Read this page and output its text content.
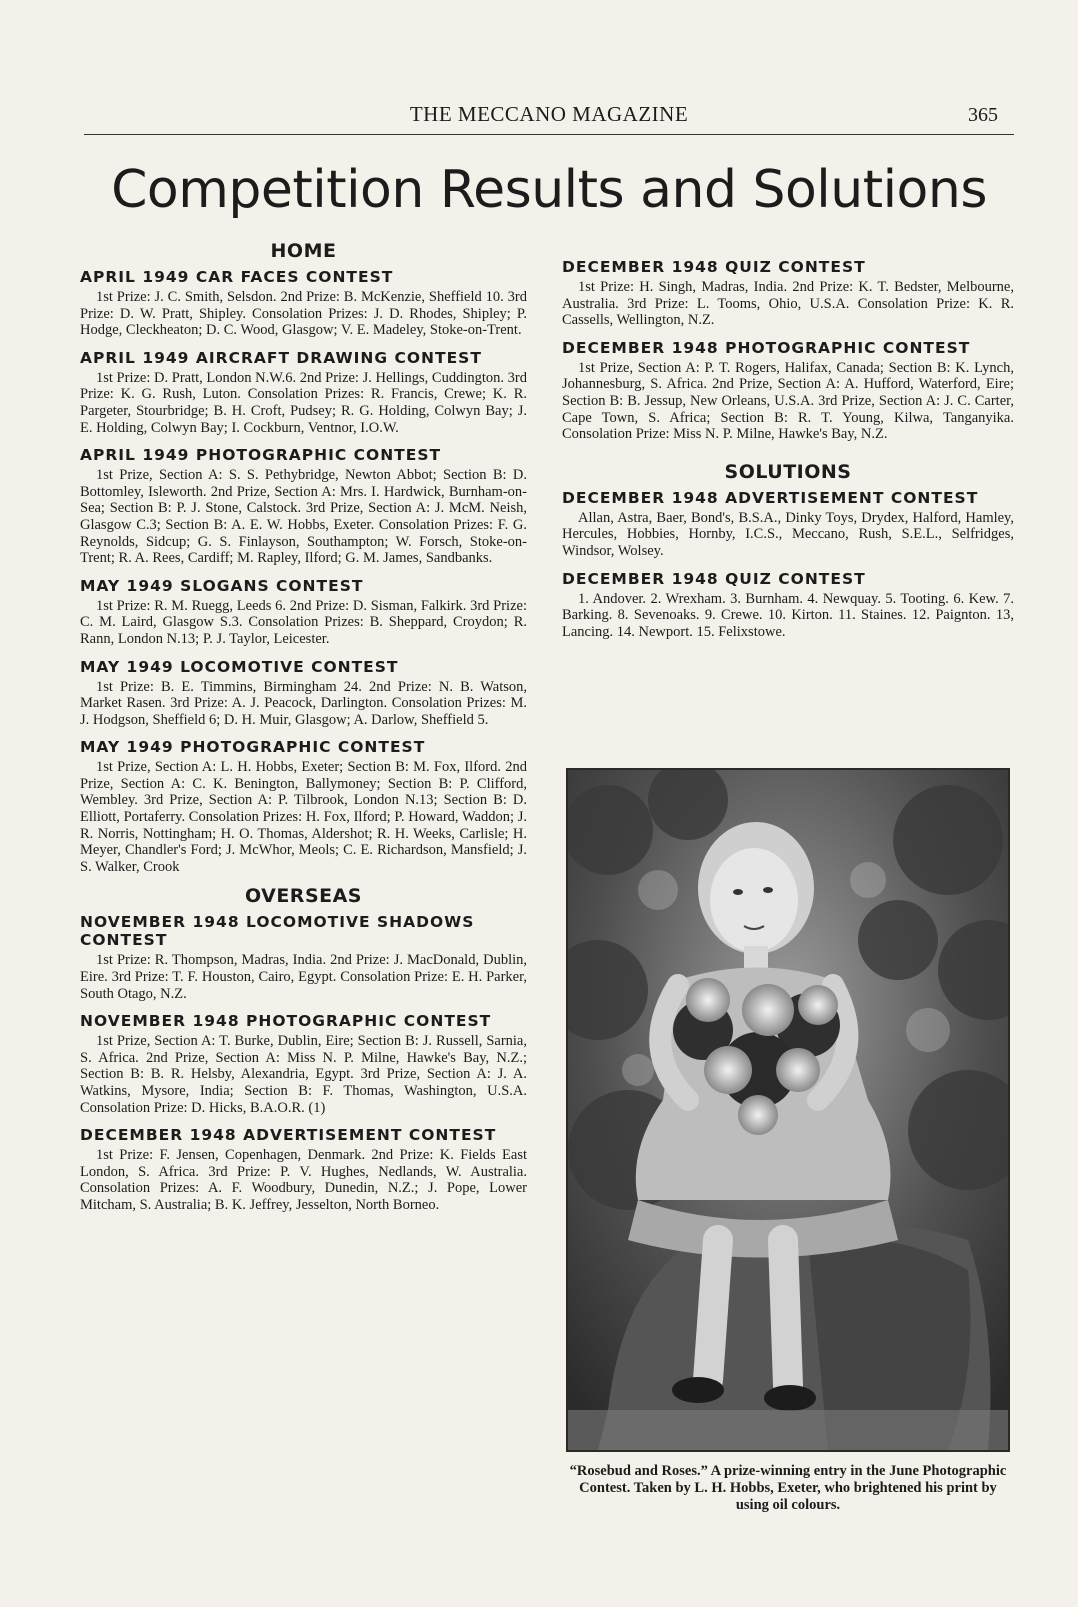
THE MECCANO MAGAZINE	365
Competition Results and Solutions
HOME
APRIL 1949 CAR FACES CONTEST

1st Prize: J. C. Smith, Selsdon. 2nd Prize: B. McKenzie, Sheffield 10. 3rd Prize: D. W. Pratt, Shipley. Consolation Prizes: J. D. Rhodes, Shipley; P. Hodge, Cleckheaton; D. C. Wood, Glasgow; V. E. Madeley, Stoke-on-Trent.

APRIL 1949 AIRCRAFT DRAWING CONTEST

1st Prize: D. Pratt, London N.W.6. 2nd Prize: J. Hellings, Cuddington. 3rd Prize: K. G. Rush, Luton. Consolation Prizes: R. Francis, Crewe; K. R. Pargeter, Stourbridge; B. H. Croft, Pudsey; R. G. Holding, Colwyn Bay; J. E. Holding, Colwyn Bay; I. Cockburn, Ventnor, I.O.W.

APRIL 1949 PHOTOGRAPHIC CONTEST

1st Prize, Section A: S. S. Pethybridge, Newton Abbot; Section B: D. Bottomley, Isleworth. 2nd Prize, Section A: Mrs. I. Hardwick, Burnham-on-Sea; Section B: P. J. Stone, Calstock. 3rd Prize, Section A: J. McM. Neish, Glasgow C.3; Section B: A. E. W. Hobbs, Exeter. Consolation Prizes: F. G. Reynolds, Sidcup; G. S. Finlayson, Southampton; W. Forsch, Stoke-on-Trent; R. A. Rees, Cardiff; M. Rapley, Ilford; G. M. James, Sandbanks.

MAY 1949 SLOGANS CONTEST

1st Prize: R. M. Ruegg, Leeds 6. 2nd Prize: D. Sisman, Falkirk. 3rd Prize: C. M. Laird, Glasgow S.3. Consolation Prizes: B. Sheppard, Croydon; R. Rann, London N.13; P. J. Taylor, Leicester.

MAY 1949 LOCOMOTIVE CONTEST

1st Prize: B. E. Timmins, Birmingham 24. 2nd Prize: N. B. Watson, Market Rasen. 3rd Prize: A. J. Peacock, Darlington. Consolation Prizes: M. J. Hodgson, Sheffield 6; D. H. Muir, Glasgow; A. Darlow, Sheffield 5.

MAY 1949 PHOTOGRAPHIC CONTEST

1st Prize, Section A: L. H. Hobbs, Exeter; Section B: M. Fox, Ilford. 2nd Prize, Section A: C. K. Benington, Ballymoney; Section B: P. Clifford, Wembley. 3rd Prize, Section A: P. Tilbrook, London N.13; Section B: D. Elliott, Portaferry. Consolation Prizes: H. Fox, Ilford; P. Howard, Waddon; J. R. Norris, Nottingham; H. O. Thomas, Aldershot; R. H. Weeks, Carlisle; H. Meyer, Chandler's Ford; J. McWhor, Meols; C. E. Richardson, Mansfield; J. S. Walker, Crook

OVERSEAS
NOVEMBER 1948 LOCOMOTIVE SHADOWS CONTEST

1st Prize: R. Thompson, Madras, India. 2nd Prize: J. MacDonald, Dublin, Eire. 3rd Prize: T. F. Houston, Cairo, Egypt. Consolation Prize: E. H. Parker, South Otago, N.Z.

NOVEMBER 1948 PHOTOGRAPHIC CONTEST

1st Prize, Section A: T. Burke, Dublin, Eire; Section B: J. Russell, Sarnia, S. Africa. 2nd Prize, Section A: Miss N. P. Milne, Hawke's Bay, N.Z.; Section B: B. R. Helsby, Alexandria, Egypt. 3rd Prize, Section A: J. A. Watkins, Mysore, India; Section B: F. Thomas, Washington, U.S.A. Consolation Prize: D. Hicks, B.A.O.R. (1)

DECEMBER 1948 ADVERTISEMENT CONTEST

1st Prize: F. Jensen, Copenhagen, Denmark. 2nd Prize: K. Fields East London, S. Africa. 3rd Prize: P. V. Hughes, Nedlands, W. Australia. Consolation Prizes: A. F. Woodbury, Dunedin, N.Z.; J. Pope, Lower Mitcham, S. Australia; B. K. Jeffrey, Jesselton, North Borneo.

DECEMBER 1948 QUIZ CONTEST

1st Prize: H. Singh, Madras, India. 2nd Prize: K. T. Bedster, Melbourne, Australia. 3rd Prize: L. Tooms, Ohio, U.S.A. Consolation Prize: K. R. Cassells, Wellington, N.Z.

DECEMBER 1948 PHOTOGRAPHIC CONTEST

1st Prize, Section A: P. T. Rogers, Halifax, Canada; Section B: K. Lynch, Johannesburg, S. Africa. 2nd Prize, Section A: A. Hufford, Waterford, Eire; Section B: B. Jessup, New Orleans, U.S.A. 3rd Prize, Section A: J. C. Carter, Cape Town, S. Africa; Section B: R. T. Young, Kilwa, Tanganyika. Consolation Prize: Miss N. P. Milne, Hawke's Bay, N.Z.

SOLUTIONS
DECEMBER 1948 ADVERTISEMENT CONTEST

Allan, Astra, Baer, Bond's, B.S.A., Dinky Toys, Drydex, Halford, Hamley, Hercules, Hobbies, Hornby, I.C.S., Meccano, Rush, S.E.L., Selfridges, Windsor, Wolsey.

DECEMBER 1948 QUIZ CONTEST

1. Andover. 2. Wrexham. 3. Burnham. 4. Newquay. 5. Tooting. 6. Kew. 7. Barking. 8. Sevenoaks. 9. Crewe. 10. Kirton. 11. Staines. 12. Paignton. 13, Lancing. 14. Newport. 15. Felixstowe.

“Rosebud and Roses.” A prize-winning entry in the June Photographic Contest. Taken by L. H. Hobbs, Exeter, who brightened his print by using oil colours.
